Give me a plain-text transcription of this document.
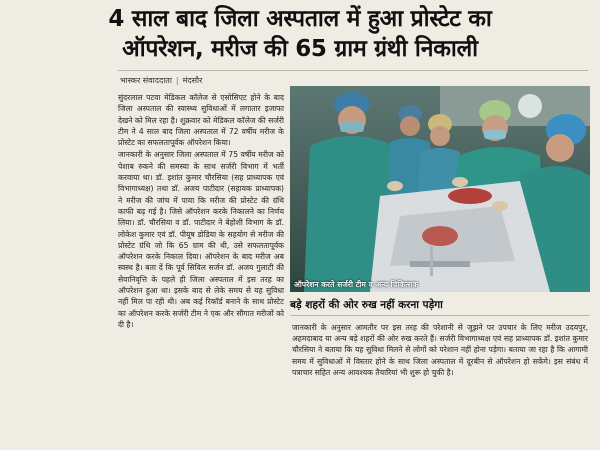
4 साल बाद जिला अस्पताल में हुआ प्रोस्टेट का
ऑपरेशन, मरीज की 65 ग्राम ग्रंथी निकाली
भास्कर संवाददाता | मंदसौर

सुंदरलाल पटवा मेडिकल कॉलेज से एसोसिएट होने के बाद जिला अस्पताल की स्वास्थ्य सुविधाओं में लगातार इजाफा देखने को मिल रहा है। शुक्रवार को मेडिकल कॉलेज की सर्जरी टीम ने 4 साल बाद जिला अस्पताल में 72 वर्षीय मरीज के प्रोस्टेट का सफलतापूर्वक ऑपरेशन किया।

जानकारी के अनुसार जिला अस्पताल में 75 वर्षीय मरीज को पेशाब रुकने की समस्या के साथ सर्जरी विभाग में भर्ती करवाया था। डॉ. इशांत कुमार चौरसिया (सह प्राध्यापक एवं विभागाध्यक्ष) तथा डॉ. अजय पाटीदार (सहायक प्राध्यापक) ने मरीज की जांच में पाया कि मरीज की प्रोस्टेट की ग्रंथि काफी बढ़ गई है। जिसे ऑपरेशन करके निकालने का निर्णय लिया। डॉ. चौरसिया व डॉ. पाटीदार ने बेहोशी विभाग के डॉ. लोकेश कुमार एवं डॉ. पीयूष डोडिया के सहयोग से मरीज की प्रोस्टेट ग्रंथि जो कि 65 ग्राम की थी, उसे सफलतापूर्वक ऑपरेशन करके निकाल दिया। ऑपरेशन के बाद मरीज अब स्वस्थ है। बता दें कि पूर्व सिविल सर्जन डॉ. अजय गुलाटी की सेवानिवृत्ति के पहले ही जिला अस्पताल में इस तरह का ऑपरेशन हुआ था। इसके बाद से लेके समय से यह सुविधा नहीं मिल पा रही थी। अब कई रिकॉर्ड बनाने के साथ प्रोस्टेट का ऑपरेशन करके सर्जरी टीम ने एक और सौगात मरीजों को दी है।

ऑपरेशन करते सर्जरी टीम व अन्य चिकित्सक
बड़े शहरों की ओर रुख नहीं करना पड़ेगा

जानकारी के अनुसार आमतौर पर इस तरह की परेशानी से जूझने पर उपचार के लिए मरीज उदयपुर, अहमदाबाद या अन्य बड़े शहरों की ओर रुख करते हैं। सर्जरी विभागाध्यक्ष एवं सह प्राध्यापक डॉ. इशांत कुमार चौरसिया ने बताया कि यह सुविधा मिलने से लोगों को परेशान नहीं होना पड़ेगा। बताया जा रहा है कि आगामी समय में सुविधाओं में विस्तार होने के साथ जिला अस्पताल में दूरबीन से ऑपरेशन हो सकेंगे। इस संबंध में पत्राचार सहित अन्य आवश्यक तैयारियां भी शुरू हो चुकी है।
